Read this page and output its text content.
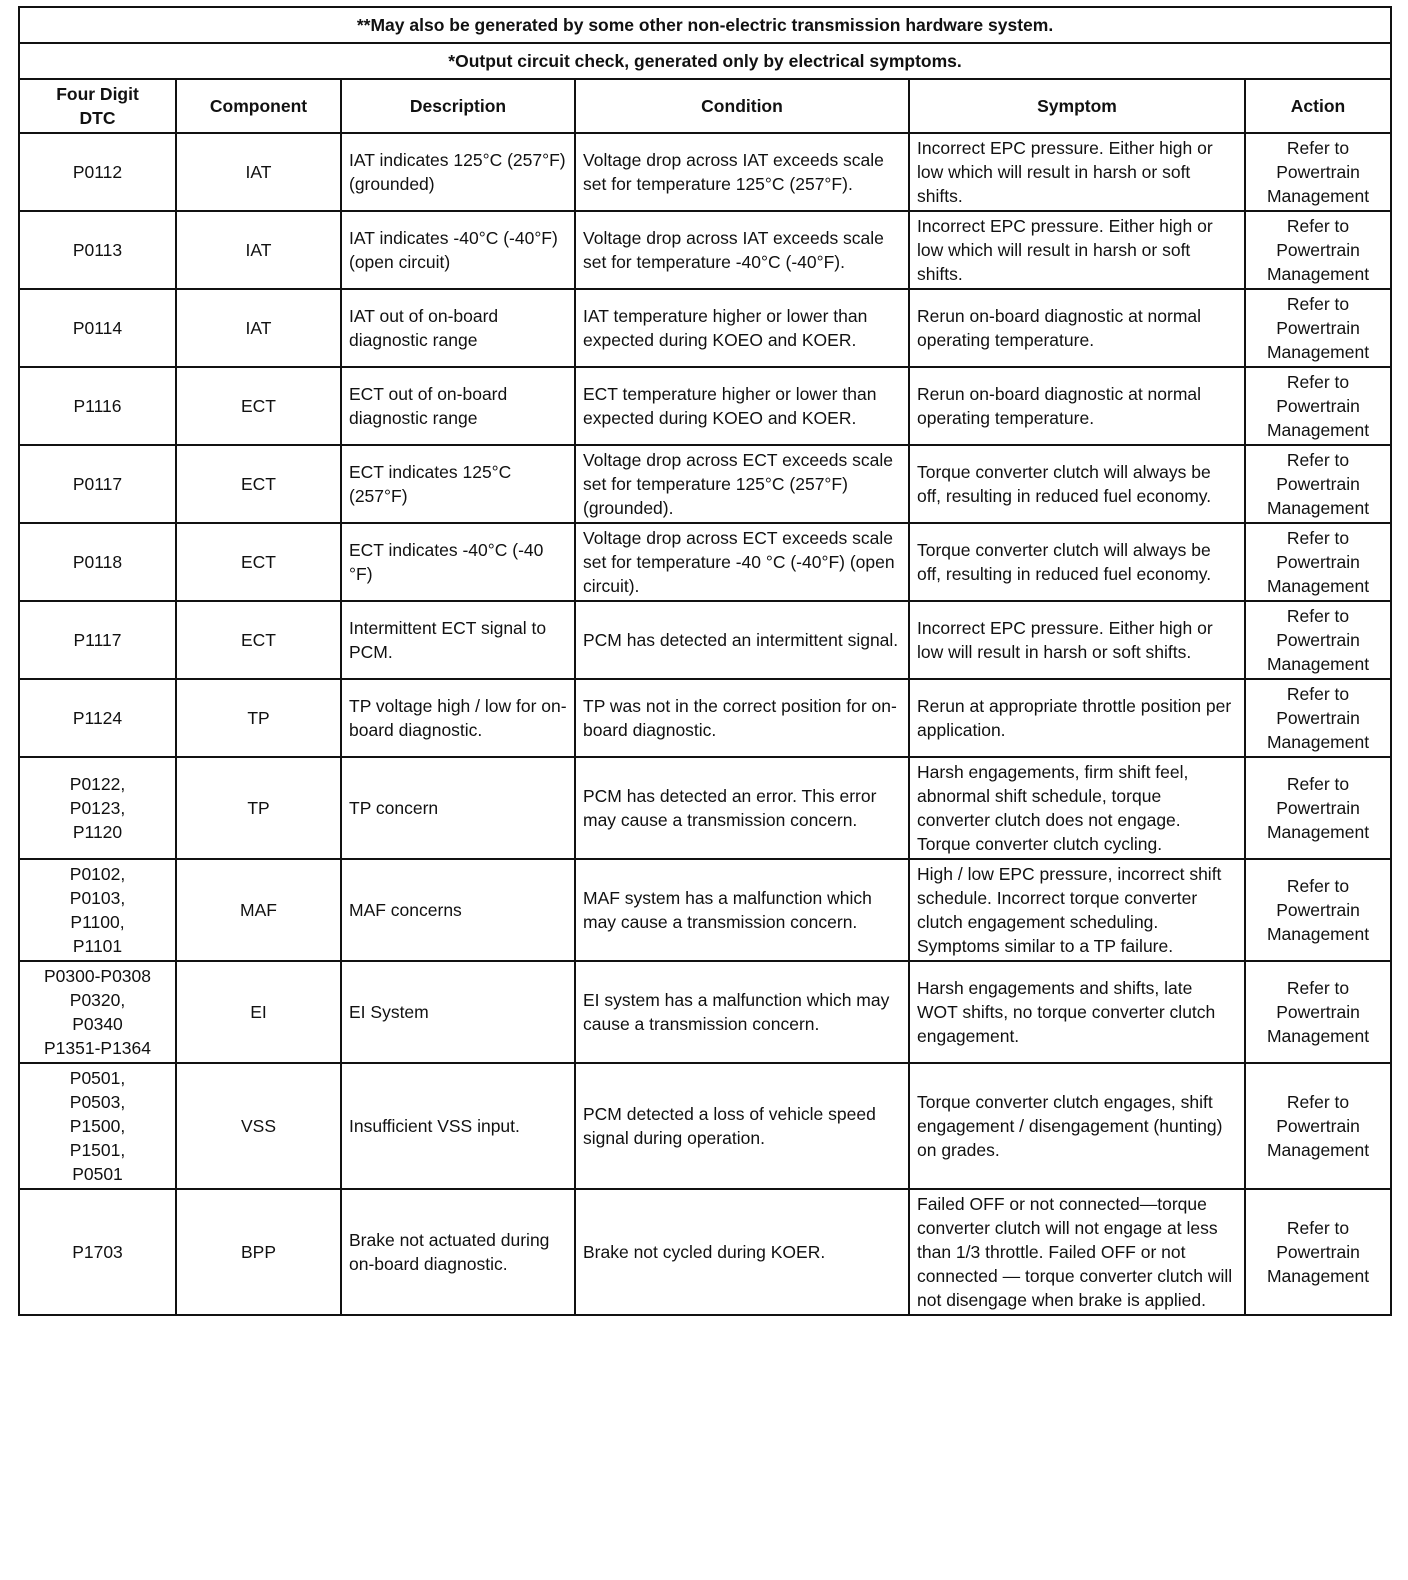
**May also be generated by some other non-electric transmission hardware system.					
*Output circuit check, generated only by electrical symptoms.					
Four Digit
DTC	Component	Description	Condition	Symptom	Action
P0112	IAT	IAT indicates 125°C (257°F) (grounded)	Voltage drop across IAT exceeds scale set for temperature 125°C (257°F).	Incorrect EPC pressure. Either high or low which will result in harsh or soft shifts.	Refer to
Powertrain
Management
P0113	IAT	IAT indicates -40°C (-40°F) (open circuit)	Voltage drop across IAT exceeds scale set for temperature -40°C (-40°F).	Incorrect EPC pressure. Either high or low which will result in harsh or soft shifts.	Refer to
Powertrain
Management
P0114	IAT	IAT out of on-board diagnostic range	IAT temperature higher or lower than expected during KOEO and KOER.	Rerun on-board diagnostic at normal operating temperature.	Refer to
Powertrain
Management
P1116	ECT	ECT out of on-board diagnostic range	ECT temperature higher or lower than expected during KOEO and KOER.	Rerun on-board diagnostic at normal operating temperature.	Refer to
Powertrain
Management
P0117	ECT	ECT indicates 125°C (257°F)	Voltage drop across ECT exceeds scale set for temperature 125°C (257°F) (grounded).	Torque converter clutch will always be off, resulting in reduced fuel economy.	Refer to
Powertrain
Management
P0118	ECT	ECT indicates -40°C (-40 °F)	Voltage drop across ECT exceeds scale set for temperature -40 °C (-40°F) (open circuit).	Torque converter clutch will always be off, resulting in reduced fuel economy.	Refer to
Powertrain
Management
P1117	ECT	Intermittent ECT signal to PCM.	PCM has detected an intermittent signal.	Incorrect EPC pressure. Either high or low will result in harsh or soft shifts.	Refer to
Powertrain
Management
P1124	TP	TP voltage high / low for on-board diagnostic.	TP was not in the correct position for on-board diagnostic.	Rerun at appropriate throttle position per application.	Refer to
Powertrain
Management
P0122,
P0123,
P1120	TP	TP concern	PCM has detected an error. This error may cause a transmission concern.	Harsh engagements, firm shift feel, abnormal shift schedule, torque converter clutch does not engage. Torque converter clutch cycling.	Refer to
Powertrain
Management
P0102,
P0103,
P1100,
P1101	MAF	MAF concerns	MAF system has a malfunction which may cause a transmission concern.	High / low EPC pressure, incorrect shift schedule. Incorrect torque converter clutch engagement scheduling. Symptoms similar to a TP failure.	Refer to
Powertrain
Management
P0300-P0308
P0320,
P0340
P1351-P1364	EI	EI System	EI system has a malfunction which may cause a transmission concern.	Harsh engagements and shifts, late WOT shifts, no torque converter clutch engagement.	Refer to
Powertrain
Management
P0501,
P0503,
P1500,
P1501,
P0501	VSS	Insufficient VSS input.	PCM detected a loss of vehicle speed signal during operation.	Torque converter clutch engages, shift engagement / disengagement (hunting) on grades.	Refer to
Powertrain
Management
P1703	BPP	Brake not actuated during on-board diagnostic.	Brake not cycled during KOER.	Failed OFF or not connected—torque converter clutch will not engage at less than 1/3 throttle. Failed OFF or not connected — torque converter clutch will not disengage when brake is applied.	Refer to
Powertrain
Management
